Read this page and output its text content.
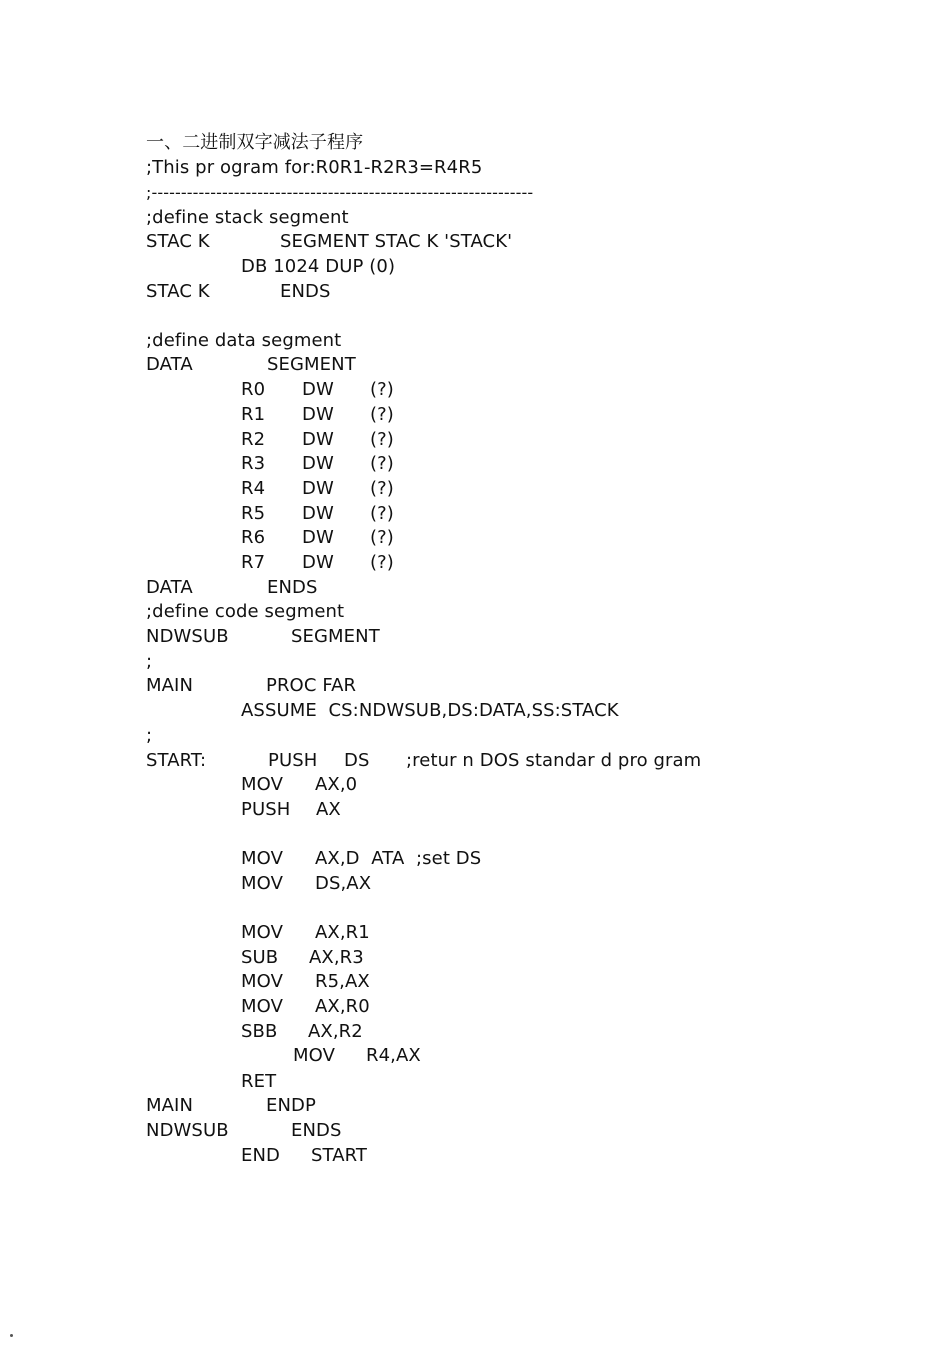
一、二进制双字减法子程序
;This pr ogram for:R0R1-R2R3=R4R5
;-----------------------------------------------------------------
;define stack segment
STAC K	SEGMENT STAC K 'STACK'
DB 1024 DUP (0)
STAC K	ENDS
;define data segment
DATA	SEGMENT
R0 DW (?)
R1 DW (?)
R2 DW (?)
R3 DW (?)
R4 DW (?)
R5 DW (?)
R6 DW (?)
R7 DW (?)
DATA	ENDS
;define code segment
NDWSUB	SEGMENT
;
MAIN	PROC FAR
ASSUME  CS:NDWSUB,DS:DATA,SS:STACK
;
START:	PUSH DS ;retur n DOS standar d pro gram
MOV AX,0
PUSH AX
MOV AX,D  ATA ;set DS
MOV DS,AX
MOV AX,R1
SUB AX,R3
MOV R5,AX
MOV AX,R0
SBB AX,R2
MOV R4,AX
RET
MAIN	ENDP
NDWSUB	ENDS
END START
